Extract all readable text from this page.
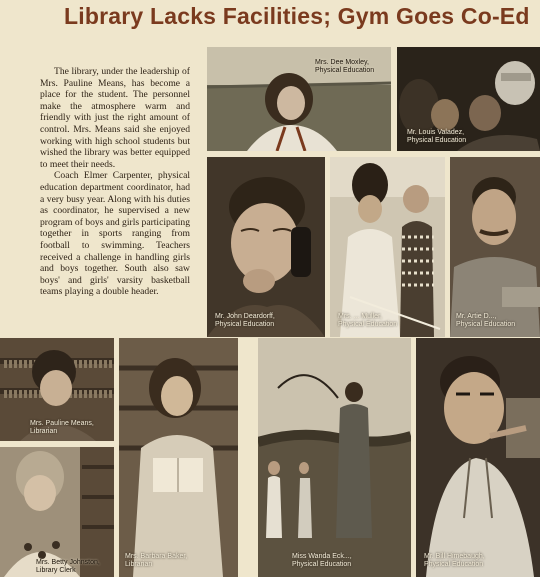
Library Lacks Facilities; Gym Goes Co-Ed

The library, under the leadership of Mrs. Pauline Means, has become a place for the student. The personnel make the atmosphere warm and friendly with just the right amount of control. Mrs. Means said she enjoyed working with high school students but wished the library was better equipped to meet their needs.

Coach Elmer Carpenter, physical education department coordinator, had a very busy year. Along with his duties as coordinator, he supervised a new program of boys and girls participating together in sports ranging from football to swimming. Teachers received a challenge in handling girls and boys together. South also saw boys' and girls' varsity basketball teams playing a double header.

Mrs. Dee Moxley,
Physical Education
Mr. Louis Valadez,
Physical Education
Mr. John Deardorff,
Physical Education
Mrs. ... Muller,
Physical Education
Mr. Artie D...,
Physical Education
Mrs. Pauline Means,
Librarian
Mrs. Betty Johnston,
Library Clerk
Mrs. Barbara Baker,
Librarian
Miss Wanda Eck...,
Physical Education
Mr. Bill Himebaugh,
Physical Education
